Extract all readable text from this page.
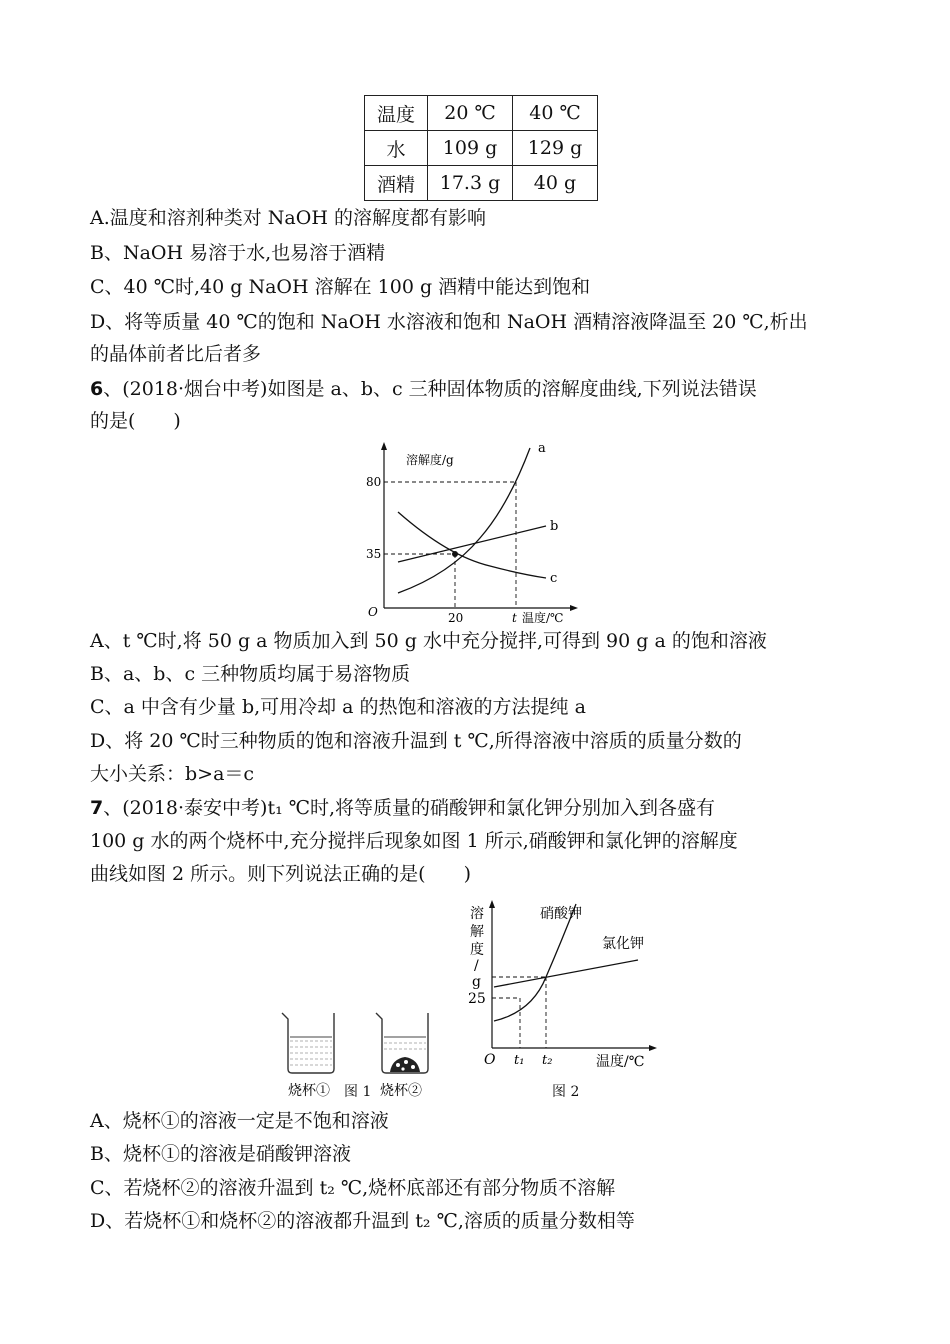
温度	20 ℃	40 ℃
水	109 g	129 g
酒精	17.3 g	40 g
A.温度和溶剂种类对 NaOH 的溶解度都有影响
B、NaOH 易溶于水,也易溶于酒精
C、40 ℃时,40 g NaOH 溶解在 100 g 酒精中能达到饱和
D、将等质量 40 ℃的饱和 NaOH 水溶液和饱和 NaOH 酒精溶液降温至 20 ℃,析出
的晶体前者比后者多
6、(2018·烟台中考)如图是 a、b、c 三种固体物质的溶解度曲线,下列说法错误
的是(　　)
溶解度/g
O
80
35
20	t 温度/℃
a
b
c
A、t ℃时,将 50 g a 物质加入到 50 g 水中充分搅拌,可得到 90 g a 的饱和溶液
B、a、b、c 三种物质均属于易溶物质
C、a 中含有少量 b,可用冷却 a 的热饱和溶液的方法提纯 a
D、将 20 ℃时三种物质的饱和溶液升温到 t ℃,所得溶液中溶质的质量分数的
大小关系：b>a＝c
7、(2018·泰安中考)t₁ ℃时,将等质量的硝酸钾和氯化钾分别加入到各盛有
100 g 水的两个烧杯中,充分搅拌后现象如图 1 所示,硝酸钾和氯化钾的溶解度
曲线如图 2 所示。则下列说法正确的是(　　)
烧杯①	烧杯②
图 1
溶
解
度
/
g
O
25
t₁ t₂	温度/℃
硝酸钾
氯化钾
图 2
A、烧杯①的溶液一定是不饱和溶液
B、烧杯①的溶液是硝酸钾溶液
C、若烧杯②的溶液升温到 t₂ ℃,烧杯底部还有部分物质不溶解
D、若烧杯①和烧杯②的溶液都升温到 t₂ ℃,溶质的质量分数相等
